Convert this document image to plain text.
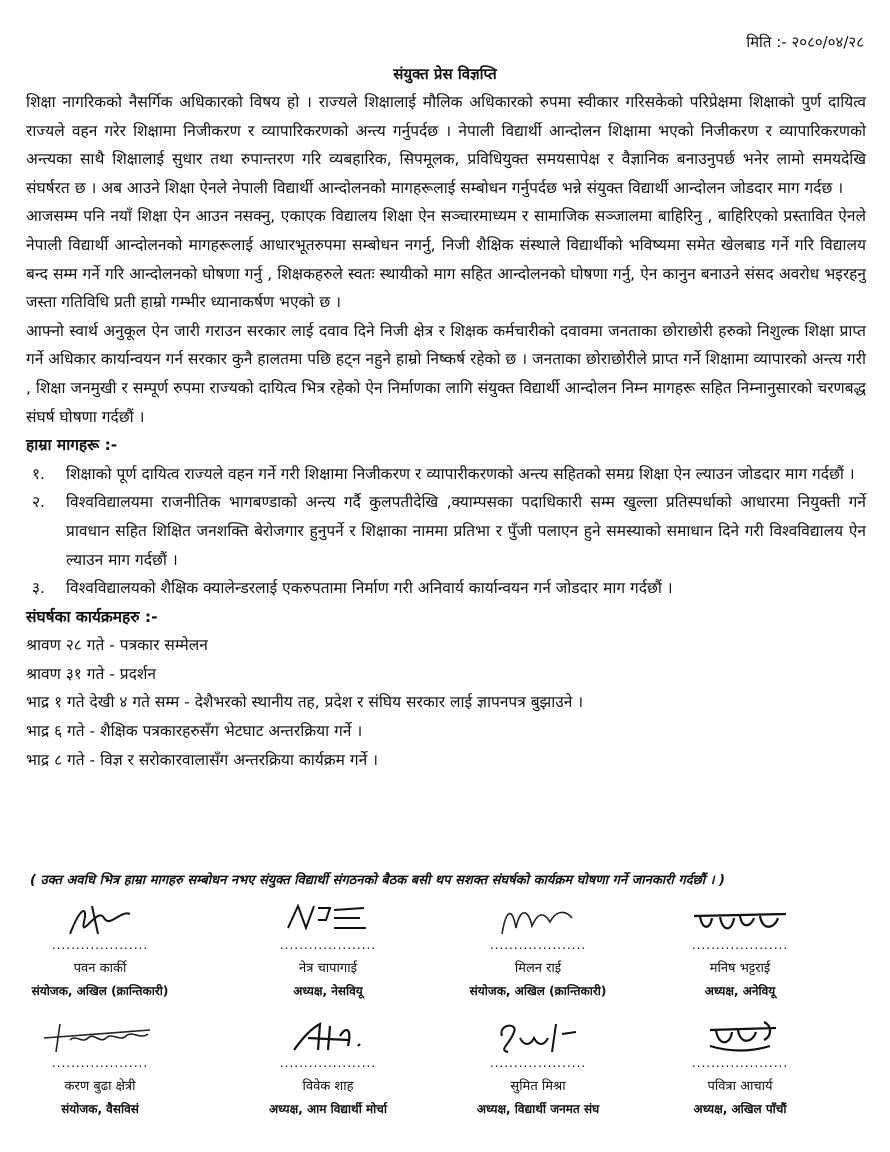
मिति :- २०८०/०४/२८
संयुक्त प्रेस विज्ञप्ति

शिक्षा नागरिकको नैसर्गिक अधिकारको विषय हो । राज्यले शिक्षालाई मौलिक अधिकारको रुपमा स्वीकार गरिसकेको परिप्रेक्षमा शिक्षाको पुर्ण दायित्व राज्यले वहन गरेर शिक्षामा निजीकरण र व्यापारिकरणको अन्त्य गर्नुपर्दछ । नेपाली विद्यार्थी आन्दोलन शिक्षामा भएको निजीकरण र व्यापारिकरणको अन्त्यका साथै शिक्षालाई सुधार तथा रुपान्तरण गरि व्यबहारिक, सिपमूलक, प्रविधियुक्त समयसापेक्ष र वैज्ञानिक बनाउनुपर्छ भनेर लामो समयदेखि संघर्षरत छ । अब आउने शिक्षा ऐनले नेपाली विद्यार्थी आन्दोलनको मागहरूलाई सम्बोधन गर्नुपर्दछ भन्ने संयुक्त विद्यार्थी आन्दोलन जोडदार माग गर्दछ ।

आजसम्म पनि नयाँ शिक्षा ऐन आउन नसक्नु, एकाएक विद्यालय शिक्षा ऐन सञ्चारमाध्यम र सामाजिक सञ्जालमा बाहिरिनु , बाहिरिएको प्रस्तावित ऐनले नेपाली विद्यार्थी आन्दोलनको मागहरूलाई आधारभूतरुपमा सम्बोधन नगर्नु, निजी शैक्षिक संस्थाले विद्यार्थीको भविष्यमा समेत खेलबाड गर्ने गरि विद्यालय बन्द सम्म गर्ने गरि आन्दोलनको घोषणा गर्नु , शिक्षकहरुले स्वतः स्थायीको माग सहित आन्दोलनको घोषणा गर्नु, ऐन कानुन बनाउने संसद अवरोध भइरहनु जस्ता गतिविधि प्रती हाम्रो गम्भीर ध्यानाकर्षण भएको छ ।

आफ्नो स्वार्थ अनुकूल ऐन जारी गराउन सरकार लाई दवाव दिने निजी क्षेत्र र शिक्षक कर्मचारीको दवावमा जनताका छोराछोरी हरुको निशुल्क शिक्षा प्राप्त गर्ने अधिकार कार्यान्वयन गर्न सरकार कुनै हालतमा पछि हट्न नहुने हाम्रो निष्कर्ष रहेको छ । जनताका छोराछोरीले प्राप्त गर्ने शिक्षामा व्यापारको अन्त्य गरी , शिक्षा जनमुखी र सम्पूर्ण रुपमा राज्यको दायित्व भित्र रहेको ऐन निर्माणका लागि संयुक्त विद्यार्थी आन्दोलन निम्न मागहरू सहित निम्नानुसारको चरणबद्ध संघर्ष घोषणा गर्दछौं ।

हाम्रा मागहरू :-

१.	शिक्षाको पूर्ण दायित्व राज्यले वहन गर्ने गरी शिक्षामा निजीकरण र व्यापारीकरणको अन्त्य सहितको समग्र शिक्षा ऐन ल्याउन जोडदार माग गर्दछौं ।
२.	विश्वविद्यालयमा राजनीतिक भागबण्डाको अन्त्य गर्दै कुलपतीदेखि ,क्याम्पसका पदाधिकारी सम्म खुल्ला प्रतिस्पर्धाको आधारमा नियुक्ती गर्ने प्रावधान सहित शिक्षित जनशक्ति बेरोजगार हुनुपर्ने र शिक्षाका नाममा प्रतिभा र पुँजी पलाएन हुने समस्याको समाधान दिने गरी विश्वविद्यालय ऐन ल्याउन माग गर्दछौं ।
३.	विश्वविद्यालयको शैक्षिक क्यालेन्डरलाई एकरुपतामा निर्माण गरी अनिवार्य कार्यान्वयन गर्न जोडदार माग गर्दछौं ।

संघर्षका कार्यक्रमहरु :-

श्रावण २८ गते - पत्रकार सम्मेलन

श्रावण ३१ गते - प्रदर्शन

भाद्र १ गते देखी ४ गते सम्म - देशैभरको स्थानीय तह, प्रदेश र संघिय सरकार लाई ज्ञापनपत्र बुझाउने ।

भाद्र ६ गते - शैक्षिक पत्रकारहरुसँग भेटघाट अन्तरक्रिया गर्ने ।

भाद्र ८ गते - विज्ञ र सरोकारवालासँग अन्तरक्रिया कार्यक्रम गर्ने ।

( उक्त अवधि भित्र हाम्रा मागहरु सम्बोधन नभए संयुक्त विद्यार्थी संगठनको बैठक बसी थप सशक्त संघर्षको कार्यक्रम घोषणा गर्ने जानकारी गर्दछौं । )
....................
पवन कार्की
संयोजक, अखिल (क्रान्तिकारी)
....................
नेत्र चापागाई
अध्यक्ष, नेसवियू
....................
मिलन राई
संयोजक, अखिल (क्रान्तिकारी)
....................
मनिष भट्टराई
अध्यक्ष, अनेवियू
....................
करण बुढा क्षेत्री
संयोजक, वैसविसं
....................
विवेक शाह
अध्यक्ष, आम विद्यार्थी मोर्चा
....................
सुमित मिश्रा
अध्यक्ष, विद्यार्थी जनमत संघ
....................
पवित्रा आचार्य
अध्यक्ष, अखिल पाँचौं
